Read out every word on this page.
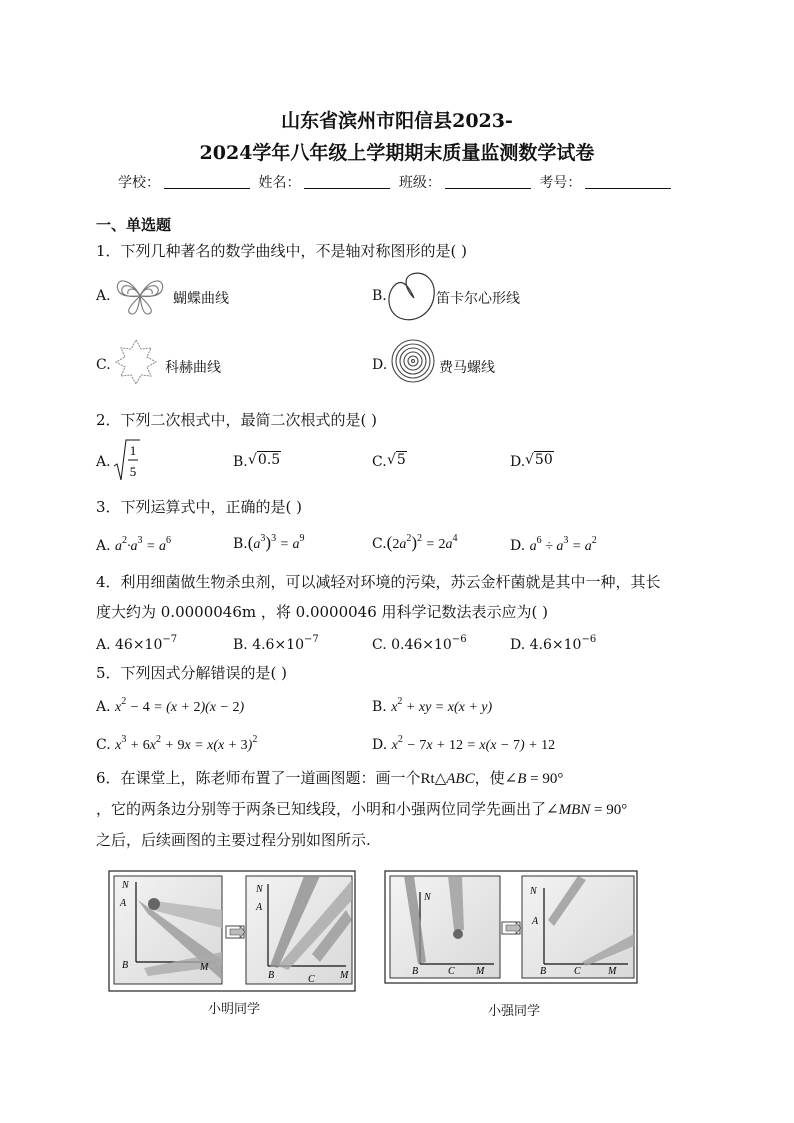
山东省滨州市阳信县2023-
2024学年八年级上学期期末质量监测数学试卷
学校：	姓名：	班级：	考号：
一、单选题
1．下列几种著名的数学曲线中，不是轴对称图形的是( )
A.	蝴蝶曲线	B.	笛卡尔心形线
C.	科赫曲线	D.	费马螺线
2．下列二次根式中，最简二次根式的是( )
A.
1
5
B. √0.5	C. √5	D. √50
3．下列运算式中，正确的是( )
A. $a^2\cdot a^3 = a^6$	$B.(a^3)^3 = a^9$	$C.(2a^2)^2 = 2a^4$	D. $a^6 \div a^3 = a^2$
4．利用细菌做生物杀虫剂，可以减轻对环境的污染，苏云金杆菌就是其中一种，其长
度大约为 0.0000046m ，将 0.0000046 用科学记数法表示应为( )
A. $46\times 10^{-7}$	B. $4.6\times 10^{-7}$	C. $0.46\times 10^{-6}$	D. $4.6\times 10^{-6}$
5．下列因式分解错误的是( )
A. $x^2 - 4 = (x + 2)(x - 2)$	B. $x^2$ + xy = x(x + y)
C. $x^3 + 6x^2 + 9x = x(x + 3)^2$	D. $x^2 - 7x + 12 = x(x - 7) + 12$
6．在课堂上，陈老师布置了一道画图题：画一个Rt△ABC，使∠B = 90°
，它的两条边分别等于两条已知线段，小明和小强两位同学先画出了∠MBN = 90°
之后，后续画图的主要过程分别如图所示.
N
A
B	M
N
A
B	C	M
N
B	C M
N
A
B	C	M
小明同学	小强同学
